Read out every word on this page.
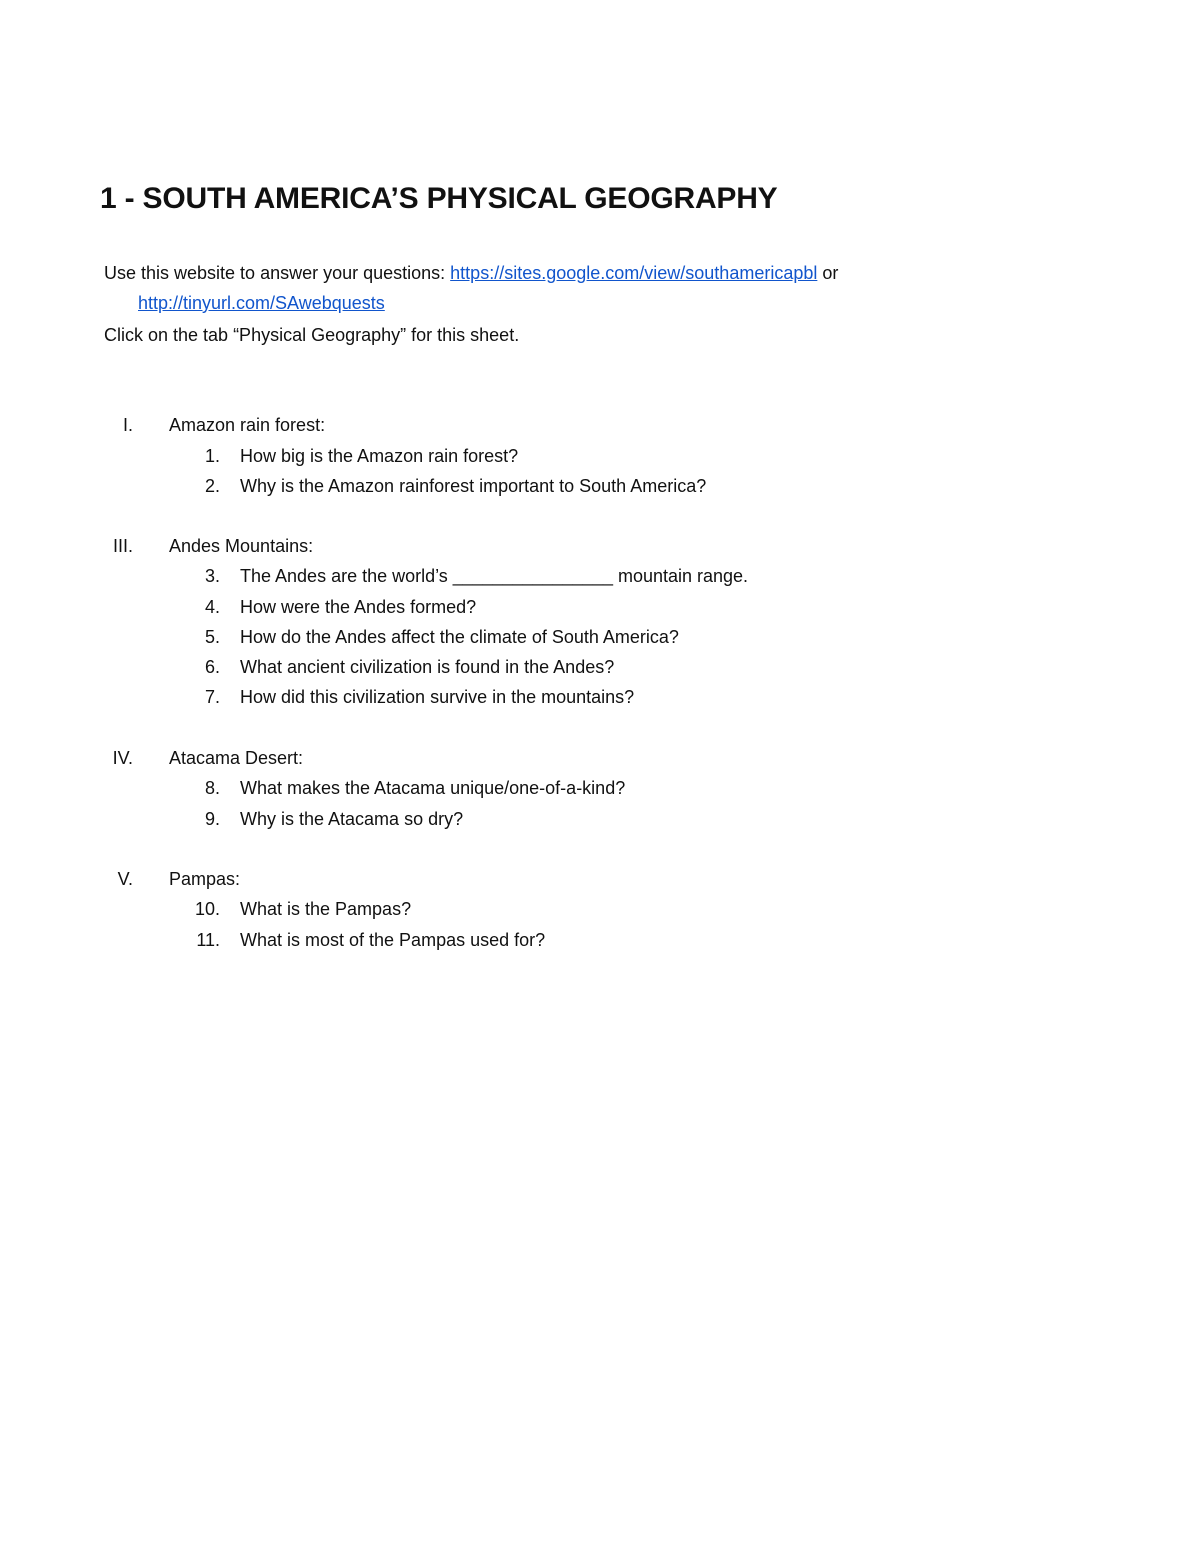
1 - SOUTH AMERICA’S PHYSICAL GEOGRAPHY
Use this website to answer your questions: https://sites.google.com/view/southamericapbl or
http://tinyurl.com/SAwebquests
Click on the tab “Physical Geography” for this sheet.
I. Amazon rain forest:
1. How big is the Amazon rain forest?
2. Why is the Amazon rainforest important to South America?
III. Andes Mountains:
3. The Andes are the world’s ________________ mountain range.
4. How were the Andes formed?
5. How do the Andes affect the climate of South America?
6. What ancient civilization is found in the Andes?
7. How did this civilization survive in the mountains?
IV. Atacama Desert:
8. What makes the Atacama unique/one-of-a-kind?
9. Why is the Atacama so dry?
V. Pampas:
10. What is the Pampas?
11. What is most of the Pampas used for?
